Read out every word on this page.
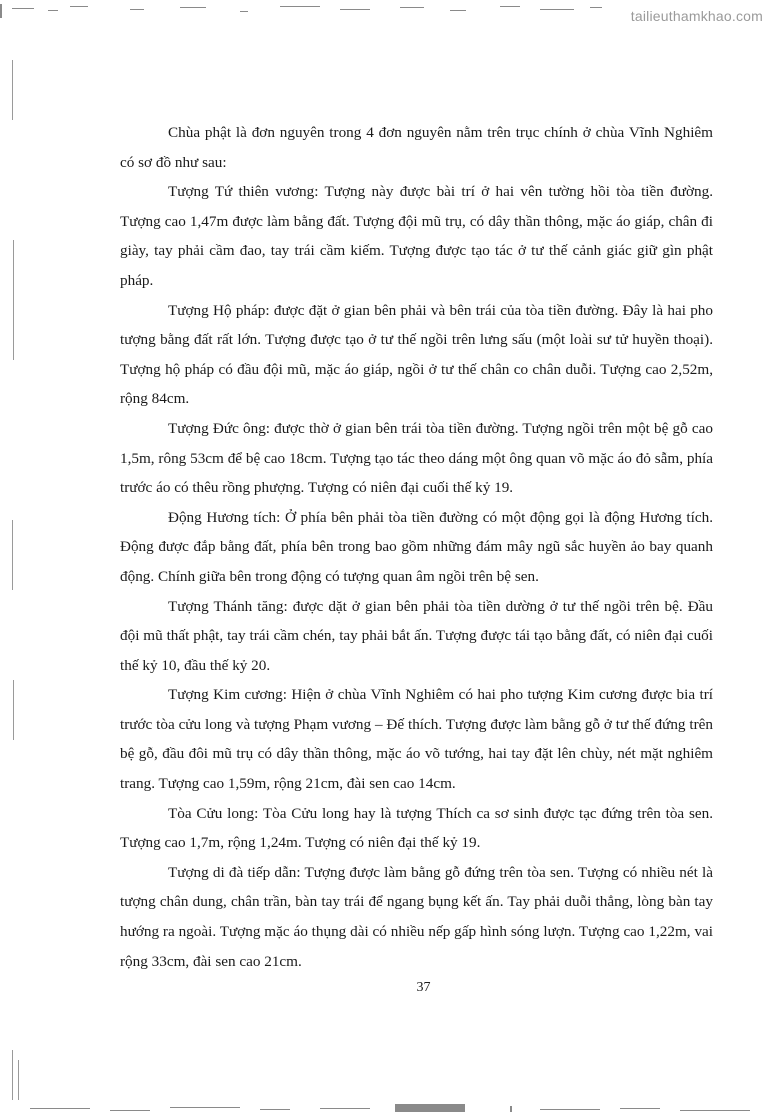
tailieuthamkhao.com

Chùa phật là đơn nguyên trong 4 đơn nguyên nằm trên trục chính ở chùa Vĩnh Nghiêm có sơ đồ như sau:

Tượng Tứ thiên vương: Tượng này được bài trí ở hai vên tường hồi tòa tiền đường. Tượng cao 1,47m được làm bằng đất. Tượng đội mũ trụ, có dây thần thông, mặc áo giáp, chân đi giày, tay phải cầm đao, tay trái cầm kiếm. Tượng được tạo tác ở tư thế cảnh giác giữ gìn phật pháp.

Tượng Hộ pháp: được đặt ở gian bên phải và bên trái của tòa tiền đường. Đây là hai pho tượng bằng đất rất lớn. Tượng được tạo ở tư thế ngồi trên lưng sấu (một loài sư tử huyền thoại). Tượng hộ pháp có đầu đội mũ, mặc áo giáp, ngồi ở tư thế chân co chân duỗi. Tượng cao 2,52m, rộng 84cm.

Tượng Đức ông: được thờ ở gian bên trái tòa tiền đường. Tượng ngồi trên một bệ gỗ cao 1,5m, rông 53cm để bệ cao 18cm. Tượng tạo tác theo dáng một ông quan võ mặc áo đỏ sẫm, phía trước áo có thêu rồng phượng. Tượng có niên đại cuối thế kỷ 19.

Động Hương tích: Ở phía bên phải tòa tiền đường có một động gọi là động Hương tích. Động được đắp bằng đất, phía bên trong bao gồm những đám mây ngũ sắc huyền ảo bay quanh động. Chính giữa bên trong động có tượng quan âm ngồi trên bệ sen.

Tượng Thánh tăng: được dặt ở gian bên phải tòa tiền dường ở tư thế ngồi trên bệ. Đầu đội mũ thất phật, tay trái cầm chén, tay phải bắt ấn. Tượng được tái tạo bằng đất, có niên đại cuối thế kỷ 10, đầu thế kỷ 20.

Tượng Kim cương: Hiện ở chùa Vĩnh Nghiêm có hai pho tượng Kim cương được bia trí trước tòa cửu long và tượng Phạm vương – Đế thích. Tượng được làm bằng gỗ ở tư thế đứng trên bệ gỗ, đầu đôi mũ trụ có dây thần thông, mặc áo võ tướng, hai tay đặt lên chùy, nét mặt nghiêm trang. Tượng cao 1,59m, rộng 21cm, đài sen cao 14cm.

Tòa Cửu long: Tòa Cửu long hay là tượng Thích ca sơ sinh được tạc đứng trên tòa sen. Tượng cao 1,7m, rộng 1,24m. Tượng có niên đại thế kỷ 19.

Tượng di đà tiếp dẫn: Tượng được làm bằng gỗ đứng trên tòa sen. Tượng có nhiều nét là tượng chân dung, chân trần, bàn tay trái để ngang bụng kết ấn. Tay phải duỗi thẳng, lòng bàn tay hướng ra ngoài. Tượng mặc áo thụng dài có nhiều nếp gấp hình sóng lượn. Tượng cao 1,22m, vai rộng 33cm, đài sen cao 21cm.

37
